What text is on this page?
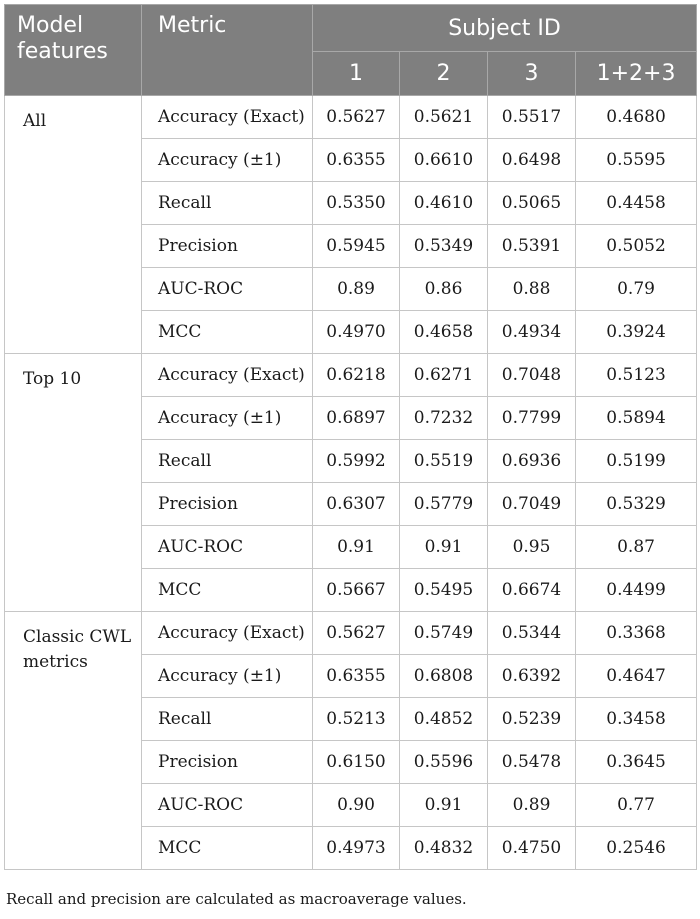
Model features	Metric	Subject ID			
		1	2	3	1+2+3
All	Accuracy (Exact)	0.5627	0.5621	0.5517	0.4680
	Accuracy (±1)	0.6355	0.6610	0.6498	0.5595
	Recall	0.5350	0.4610	0.5065	0.4458
	Precision	0.5945	0.5349	0.5391	0.5052
	AUC-ROC	0.89	0.86	0.88	0.79
	MCC	0.4970	0.4658	0.4934	0.3924
Top 10	Accuracy (Exact)	0.6218	0.6271	0.7048	0.5123
	Accuracy (±1)	0.6897	0.7232	0.7799	0.5894
	Recall	0.5992	0.5519	0.6936	0.5199
	Precision	0.6307	0.5779	0.7049	0.5329
	AUC-ROC	0.91	0.91	0.95	0.87
	MCC	0.5667	0.5495	0.6674	0.4499
Classic CWL metrics	Accuracy (Exact)	0.5627	0.5749	0.5344	0.3368
	Accuracy (±1)	0.6355	0.6808	0.6392	0.4647
	Recall	0.5213	0.4852	0.5239	0.3458
	Precision	0.6150	0.5596	0.5478	0.3645
	AUC-ROC	0.90	0.91	0.89	0.77
	MCC	0.4973	0.4832	0.4750	0.2546
Recall and precision are calculated as macroaverage values.
